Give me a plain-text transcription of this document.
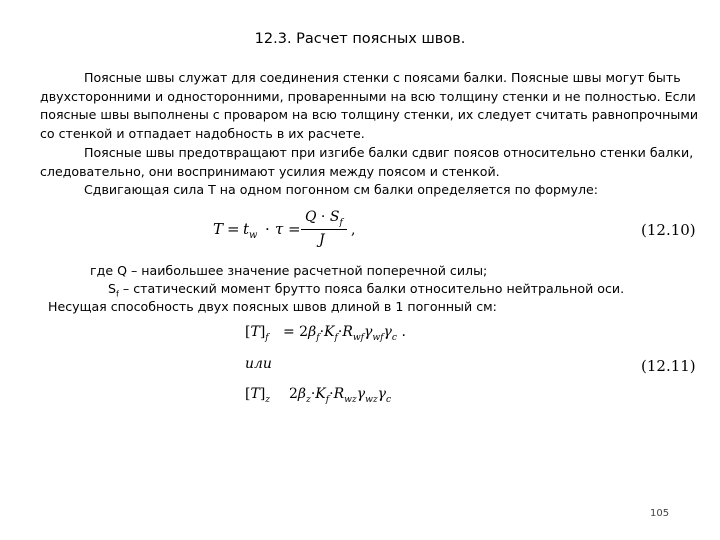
12.3. Расчет поясных швов.

Поясные швы служат для соединения стенки с поясами балки. Поясные швы могут быть двухсторонними и односторонними, проваренными на всю толщину стенки и не полностью. Если поясные швы выполнены с проваром на всю толщину стенки, их следует считать равнопрочными со стенкой и отпадает надобность в их расчете.

Поясные швы предотвращают при изгибе балки сдвиг поясов относительно стенки балки, следовательно, они воспринимают усилия между поясом и стенкой.

Сдвигающая сила Т на одном погонном см балки определяется по формуле:

$T = t_w \cdot \tau$ =
$Q \cdot S_f$
J
,	(12.10)
где Q – наибольшее значение расчетной поперечной силы;
$S_f$ – статический момент брутто пояса балки относительно нейтральной оси.
Несущая способность двух поясных швов длиной в 1 погонный см:
$[T]_f = 2\beta_f\cdot K_f\cdot R_{wf}\gamma_{wf}\gamma_c$ .
или
$[T]_z$ $2\beta_z\cdot K_f\cdot R_{wz}\gamma_{wz}\gamma_c$
(12.11)
105
